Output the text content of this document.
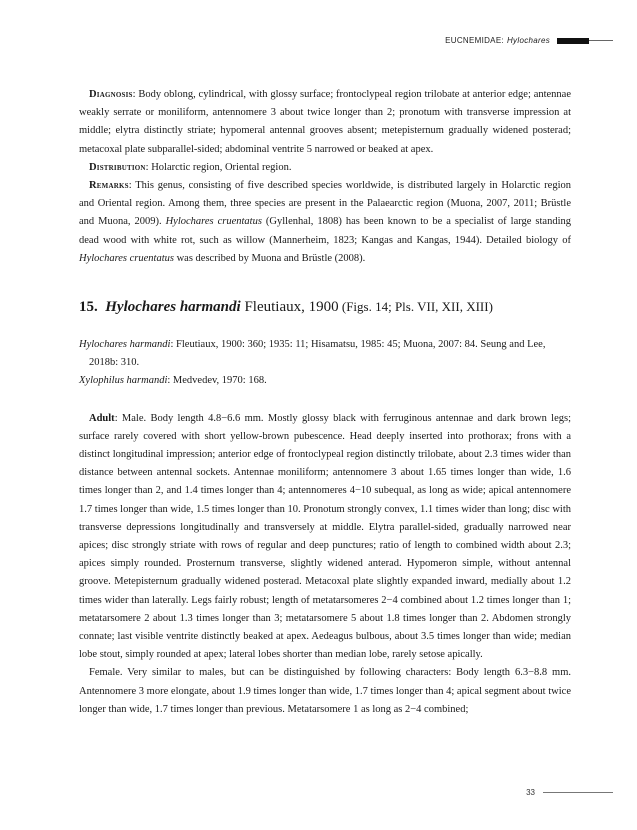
EUCNEMIDAE: Hylochares

Diagnosis: Body oblong, cylindrical, with glossy surface; frontoclypeal region trilobate at anterior edge; antennae weakly serrate or moniliform, antennomere 3 about twice longer than 2; pronotum with transverse impression at middle; elytra distinctly striate; hypomeral antennal grooves absent; metepisternum gradually widened posterad; metacoxal plate subparallel-sided; abdominal ventrite 5 narrowed or beaked at apex.

Distribution: Holarctic region, Oriental region.

Remarks: This genus, consisting of five described species worldwide, is distributed largely in Holarctic region and Oriental region. Among them, three species are present in the Palaearctic region (Muona, 2007, 2011; Brüstle and Muona, 2009). Hylochares cruentatus (Gyllenhal, 1808) has been known to be a specialist of large standing dead wood with white rot, such as willow (Mannerheim, 1823; Kangas and Kangas, 1944). Detailed biology of Hylochares cruentatus was described by Muona and Brüstle (2008).

15. Hylochares harmandi Fleutiaux, 1900 (Figs. 14; Pls. VII, XII, XIII)

Hylochares harmandi: Fleutiaux, 1900: 360; 1935: 11; Hisamatsu, 1985: 45; Muona, 2007: 84. Seung and Lee, 2018b: 310.

Xylophilus harmandi: Medvedev, 1970: 168.

Adult: Male. Body length 4.8−6.6 mm. Mostly glossy black with ferruginous antennae and dark brown legs; surface rarely covered with short yellow-brown pubescence. Head deeply inserted into prothorax; frons with a distinct longitudinal impression; anterior edge of frontoclypeal region distinctly trilobate, about 2.3 times wider than distance between antennal sockets. Antennae moniliform; antennomere 3 about 1.65 times longer than wide, 1.6 times longer than 2, and 1.4 times longer than 4; antennomeres 4−10 subequal, as long as wide; apical antennomere 1.7 times longer than wide, 1.5 times longer than 10. Pronotum strongly convex, 1.1 times wider than long; disc with transverse depressions longitudinally and transversely at middle. Elytra parallel-sided, gradually narrowed near apices; disc strongly striate with rows of regular and deep punctures; ratio of length to combined width about 2.3; apices simply rounded. Prosternum transverse, slightly widened anterad. Hypomeron simple, without antennal groove. Metepisternum gradually widened posterad. Metacoxal plate slightly expanded inward, medially about 1.2 times wider than laterally. Legs fairly robust; length of metatarsomeres 2−4 combined about 1.2 times longer than 1; metatarsomere 2 about 1.3 times longer than 3; metatarsomere 5 about 1.8 times longer than 2. Abdomen strongly connate; last visible ventrite distinctly beaked at apex. Aedeagus bulbous, about 3.5 times longer than wide; median lobe stout, simply rounded at apex; lateral lobes shorter than median lobe, rarely setose apically.

Female. Very similar to males, but can be distinguished by following characters: Body length 6.3−8.8 mm. Antennomere 3 more elongate, about 1.9 times longer than wide, 1.7 times longer than 4; apical segment about twice longer than wide, 1.7 times longer than previous. Metatarsomere 1 as long as 2−4 combined;

33
